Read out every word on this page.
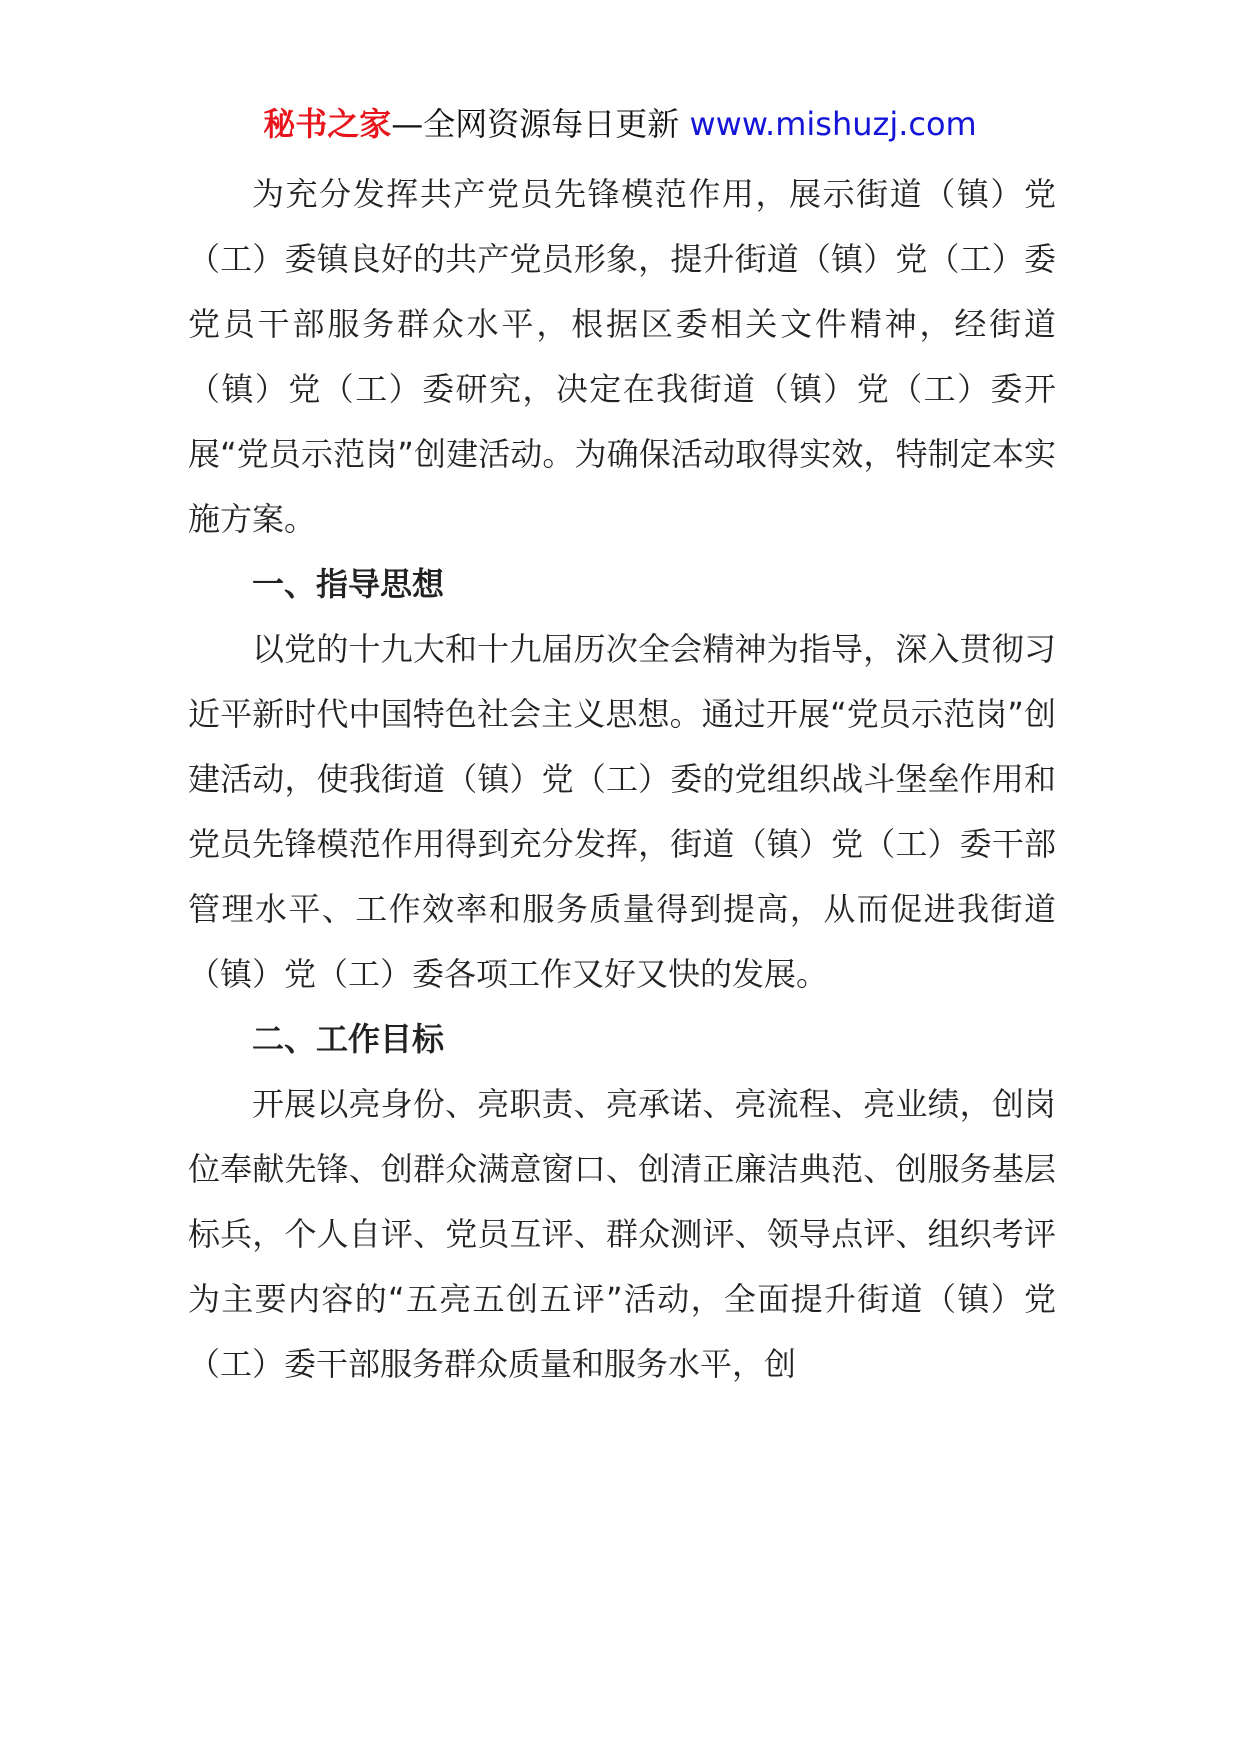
秘书之家—全网资源每日更新 www.mishuzj.com

为充分发挥共产党员先锋模范作用，展示街道（镇）党（工）委镇良好的共产党员形象，提升街道（镇）党（工）委党员干部服务群众水平，根据区委相关文件精神，经街道（镇）党（工）委研究，决定在我街道（镇）党（工）委开展“党员示范岗”创建活动。为确保活动取得实效，特制定本实施方案。

一、指导思想

以党的十九大和十九届历次全会精神为指导，深入贯彻习近平新时代中国特色社会主义思想。通过开展“党员示范岗”创建活动，使我街道（镇）党（工）委的党组织战斗堡垒作用和党员先锋模范作用得到充分发挥，街道（镇）党（工）委干部管理水平、工作效率和服务质量得到提高，从而促进我街道（镇）党（工）委各项工作又好又快的发展。

二、工作目标

开展以亮身份、亮职责、亮承诺、亮流程、亮业绩，创岗位奉献先锋、创群众满意窗口、创清正廉洁典范、创服务基层标兵，个人自评、党员互评、群众测评、领导点评、组织考评为主要内容的“五亮五创五评”活动，全面提升街道（镇）党（工）委干部服务群众质量和服务水平，创
